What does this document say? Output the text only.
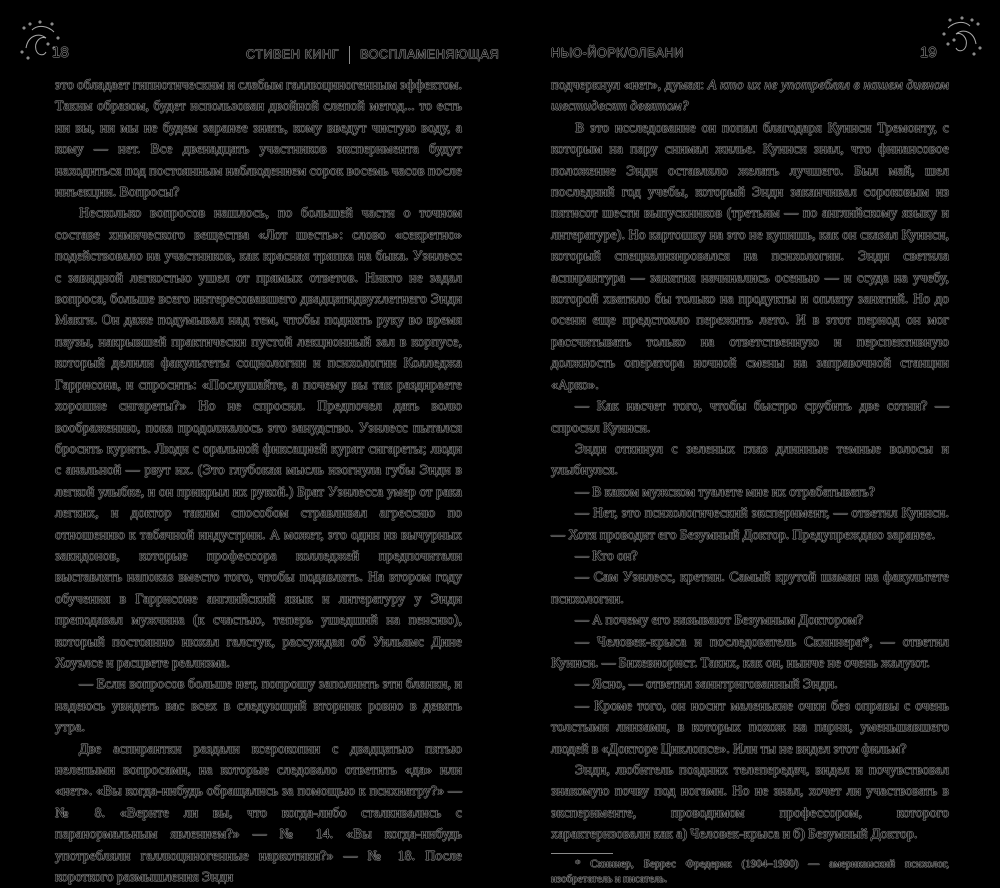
18	СТИВЕН КИНГ ВОСПЛАМЕНЯЮЩАЯ

это обладает гипнотическим и слабым галлюциногенным эффектом. Таким образом, будет использован двойной слепой метод... то есть ни вы, ни мы не будем заранее знать, кому введут чистую воду, а кому — нет. Все двенадцать участников эксперимента будут находиться под постоянным наблюдением сорок восемь часов после инъекции. Вопросы?

Несколько вопросов нашлось, по большей части о точном составе химического вещества «Лот шесть»: слово «секретно» подействовало на участников, как красная тряпка на быка. Уэнлесс с завидной легкостью ушел от прямых ответов. Никто не задал вопроса, больше всего интересовавшего двадцатидвухлетнего Энди Макги. Он даже подумывал над тем, чтобы поднять руку во время паузы, накрывшей практически пустой лекционный зал в корпусе, который делили факультеты социологии и психологии Колледжа Гаррисона, и спросить: «Послушайте, а почему вы так раздираете хорошие сигареты?» Но не спросил. Предпочел дать волю воображению, пока продолжалось это занудство. Уэнлесс пытался бросить курить. Люди с оральной фиксацией курят сигареты; люди с анальной — рвут их. (Это глубокая мысль изогнула губы Энди в легкой улыбке, и он прикрыл их рукой.) Брат Уэнлесса умер от рака легких, и доктор таким способом стравливал агрессию по отношению к табачной индустрии. А может, это один из вычурных закидонов, которые профессора колледжей предпочитали выставлять напоказ вместо того, чтобы подавлять. На втором году обучения в Гаррисоне английский язык и литературу у Энди преподавал мужчина (к счастью, теперь ушедший на пенсию), который постоянно нюхал галстук, рассуждая об Уильямс Дине Хоуэлсе и расцвете реализма.

— Если вопросов больше нет, попрошу заполнить эти бланки, и надеюсь увидеть вас всех в следующий вторник ровно в девять утра.

Две аспирантки раздали ксерокопии с двадцатью пятью нелепыми вопросами, на которые следовало ответить «да» или «нет». «Вы когда-нибудь обращались за помощью к психиатру?» — № 8. «Верите ли вы, что когда-либо сталкивались с паранормальным явлением?» — № 14. «Вы когда-нибудь употребляли галлюциногенные наркотики?» — № 18. После короткого размышления Энди

НЬЮ-ЙОРК/ОЛБАНИ	19

подчеркнул «нет», думая: А кто их не употреблял в нашем дивном шестидесят девятом?

В это исследование он попал благодаря Куинси Тремонту, с которым на пару снимал жилье. Куинси знал, что финансовое положение Энди оставляло желать лучшего. Был май, шел последний год учебы, который Энди заканчивал сороковым из пятисот шести выпускников (третьим — по английскому языку и литературе). Но картошку на это не купишь, как он сказал Куинси, который специализировался на психологии. Энди светила аспирантура — занятия начинались осенью — и ссуда на учебу, которой хватило бы только на продукты и оплату занятий. Но до осени еще предстояло пережить лето. И в этот период он мог рассчитывать только на ответственную и перспективную должность оператора ночной смены на заправочной станции «Арко».

— Как насчет того, чтобы быстро срубить две сотни? — спросил Куинси.

Энди откинул с зеленых глаз длинные темные волосы и улыбнулся.

— В каком мужском туалете мне их отрабатывать?

— Нет, это психологический эксперимент, — ответил Куинси. — Хотя проводит его Безумный Доктор. Предупреждаю заранее.

— Кто он?

— Сам Уэнлесс, кретин. Самый крутой шаман на факультете психологии.

— А почему его называют Безумным Доктором?

— Человек-крыса и последователь Скиннера*, — ответил Куинси. — Бихевиорист. Таких, как он, нынче не очень жалуют.

— Ясно, — ответил заинтригованный Энди.

— Кроме того, он носит маленькие очки без оправы с очень толстыми линзами, в которых похож на парня, уменьшавшего людей в «Докторе Циклопсе». Или ты не видел этот фильм?

Энди, любитель поздних телепередач, видел и почувствовал знакомую почву под ногами. Но не знал, хочет ли участвовать в эксперименте, проводимом профессором, которого характеризовали как а) Человек-крыса и б) Безумный Доктор.

* Скиннер, Беррес Фредерик (1904–1990) — американский психолог, изобретатель и писатель.
